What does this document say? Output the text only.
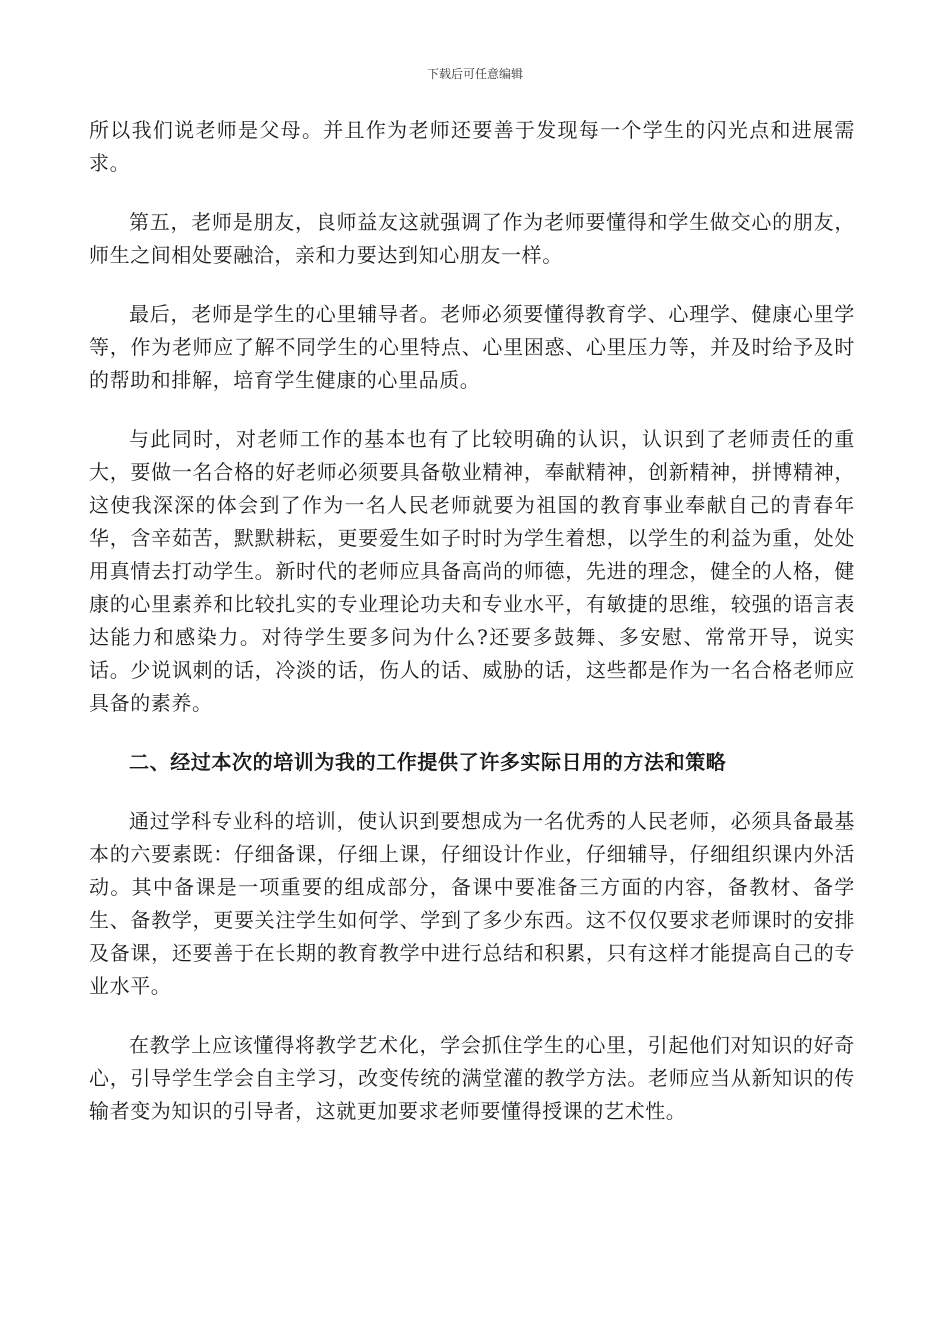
下载后可任意编辑

所以我们说老师是父母。并且作为老师还要善于发现每一个学生的闪光点和进展需求。

第五，老师是朋友，良师益友这就强调了作为老师要懂得和学生做交心的朋友，师生之间相处要融洽，亲和力要达到知心朋友一样。

最后，老师是学生的心里辅导者。老师必须要懂得教育学、心理学、健康心里学等，作为老师应了解不同学生的心里特点、心里困惑、心里压力等，并及时给予及时的帮助和排解，培育学生健康的心里品质。

与此同时，对老师工作的基本也有了比较明确的认识，认识到了老师责任的重大，要做一名合格的好老师必须要具备敬业精神，奉献精神，创新精神，拼博精神，这使我深深的体会到了作为一名人民老师就要为祖国的教育事业奉献自己的青春年华，含辛茹苦，默默耕耘，更要爱生如子时时为学生着想，以学生的利益为重，处处用真情去打动学生。新时代的老师应具备高尚的师德，先进的理念，健全的人格，健康的心里素养和比较扎实的专业理论功夫和专业水平，有敏捷的思维，较强的语言表达能力和感染力。对待学生要多问为什么?还要多鼓舞、多安慰、常常开导，说实话。少说讽刺的话，冷淡的话，伤人的话、威胁的话，这些都是作为一名合格老师应具备的素养。

二、经过本次的培训为我的工作提供了许多实际日用的方法和策略

通过学科专业科的培训，使认识到要想成为一名优秀的人民老师，必须具备最基本的六要素既：仔细备课，仔细上课，仔细设计作业，仔细辅导，仔细组织课内外活动。其中备课是一项重要的组成部分，备课中要准备三方面的内容，备教材、备学生、备教学，更要关注学生如何学、学到了多少东西。这不仅仅要求老师课时的安排及备课，还要善于在长期的教育教学中进行总结和积累，只有这样才能提高自己的专业水平。

在教学上应该懂得将教学艺术化，学会抓住学生的心里，引起他们对知识的好奇心，引导学生学会自主学习，改变传统的满堂灌的教学方法。老师应当从新知识的传输者变为知识的引导者，这就更加要求老师要懂得授课的艺术性。
